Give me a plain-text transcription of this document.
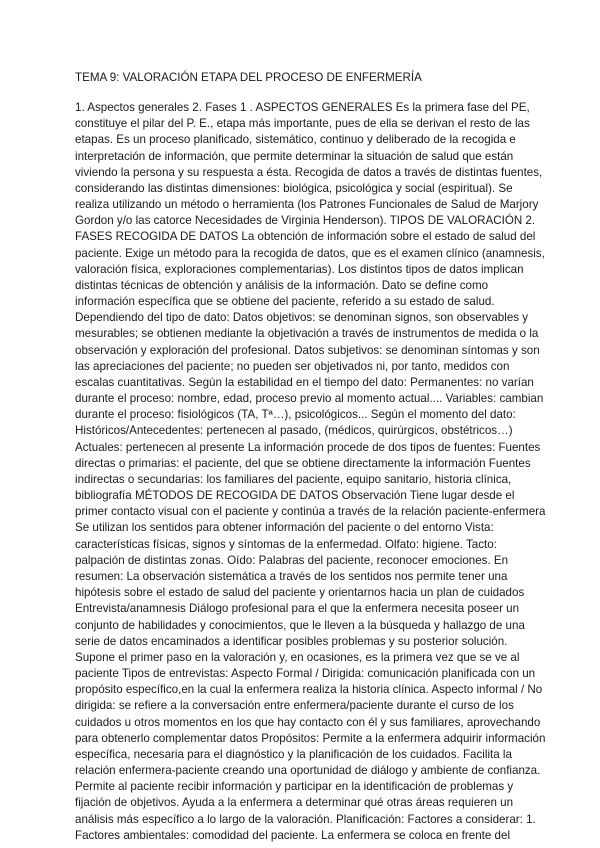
TEMA 9: VALORACIÓN ETAPA DEL PROCESO DE ENFERMERÍA
1. Aspectos generales 2. Fases 1 . ASPECTOS GENERALES Es la primera fase del PE,
constituye el pilar del P. E., etapa más importante, pues de ella se derivan el resto de las
etapas. Es un proceso planificado, sistemático, continuo y deliberado de la recogida e
interpretación de información, que permite determinar la situación de salud que están
viviendo la persona y su respuesta a ésta. Recogida de datos a través de distintas fuentes,
considerando las distintas dimensiones: biológica, psicológica y social (espiritual). Se
realiza utilizando un método o herramienta (los Patrones Funcionales de Salud de Marjory
Gordon y/o las catorce Necesidades de Virginia Henderson). TIPOS DE VALORACIÓN 2.
FASES RECOGIDA DE DATOS La obtención de información sobre el estado de salud del
paciente. Exige un método para la recogida de datos, que es el examen clínico (anamnesis,
valoración física, exploraciones complementarias). Los distintos tipos de datos implican
distintas técnicas de obtención y análisis de la información. Dato se define como
información específica que se obtiene del paciente, referido a su estado de salud.
Dependiendo del tipo de dato: Datos objetivos: se denominan signos, son observables y
mesurables; se obtienen mediante la objetivación a través de instrumentos de medida o la
observación y exploración del profesional. Datos subjetivos: se denominan síntomas y son
las apreciaciones del paciente; no pueden ser objetivados ni, por tanto, medidos con
escalas cuantitativas. Según la estabilidad en el tiempo del dato: Permanentes: no varían
durante el proceso: nombre, edad, proceso previo al momento actual.... Variables: cambian
durante el proceso: fisiológicos (TA, Tª…), psicológicos... Según el momento del dato:
Históricos/Antecedentes: pertenecen al pasado, (médicos, quirúrgicos, obstétricos…)
Actuales: pertenecen al presente La información procede de dos tipos de fuentes: Fuentes
directas o primarias: el paciente, del que se obtiene directamente la información Fuentes
indirectas o secundarias: los familiares del paciente, equipo sanitario, historia clínica,
bibliografía MÉTODOS DE RECOGIDA DE DATOS Observación Tiene lugar desde el
primer contacto visual con el paciente y continúa a través de la relación paciente-enfermera
Se utilizan los sentidos para obtener información del paciente o del entorno Vista:
características físicas, signos y síntomas de la enfermedad. Olfato: higiene. Tacto:
palpación de distintas zonas. Oído: Palabras del paciente, reconocer emociones. En
resumen: La observación sistemática a través de los sentidos nos permite tener una
hipótesis sobre el estado de salud del paciente y orientarnos hacia un plan de cuidados
Entrevista/anamnesis Diálogo profesional para el que la enfermera necesita poseer un
conjunto de habilidades y conocimientos, que le lleven a la búsqueda y hallazgo de una
serie de datos encaminados a identificar posibles problemas y su posterior solución.
Supone el primer paso en la valoración y, en ocasiones, es la primera vez que se ve al
paciente Tipos de entrevistas: Aspecto Formal / Dirigida: comunicación planificada con un
propósito específico,en la cual la enfermera realiza la historia clínica. Aspecto informal / No
dirigida: se refiere a la conversación entre enfermera/paciente durante el curso de los
cuidados u otros momentos en los que hay contacto con él y sus familiares, aprovechando
para obtenerlo complementar datos Propósitos: Permite a la enfermera adquirir información
específica, necesaria para el diagnóstico y la planificación de los cuidados. Facilita la
relación enfermera-paciente creando una oportunidad de diálogo y ambiente de confianza.
Permite al paciente recibir información y participar en la identificación de problemas y
fijación de objetivos. Ayuda a la enfermera a determinar qué otras áreas requieren un
análisis más específico a lo largo de la valoración. Planificación: Factores a considerar: 1.
Factores ambientales: comodidad del paciente. La enfermera se coloca en frente del
